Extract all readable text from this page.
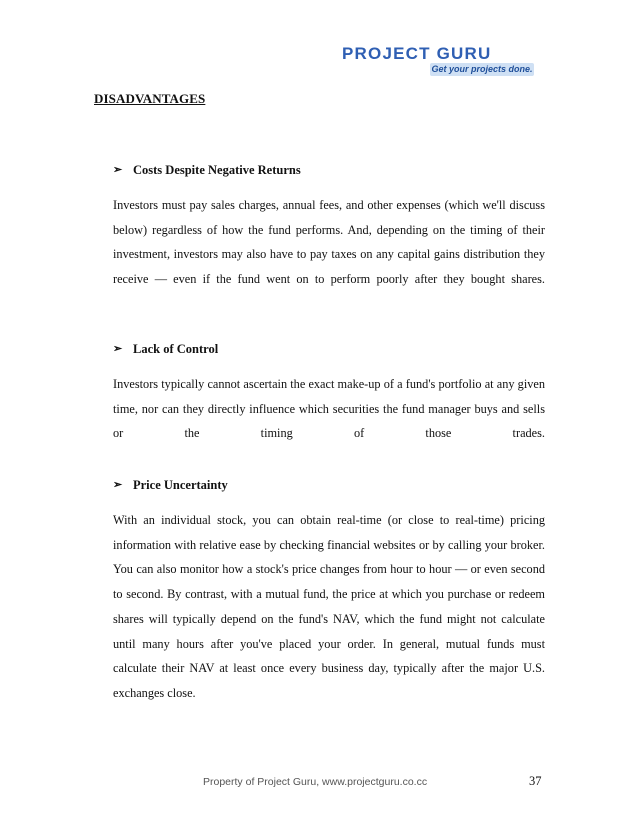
PROJECT GURU
Get your projects done.
DISADVANTAGES
➢ Costs Despite Negative Returns
Investors must pay sales charges, annual fees, and other expenses (which we'll discuss below) regardless of how the fund performs. And, depending on the timing of their investment, investors may also have to pay taxes on any capital gains distribution they receive — even if the fund went on to perform poorly after they bought shares.
➢ Lack of Control
Investors typically cannot ascertain the exact make-up of a fund's portfolio at any given time, nor can they directly influence which securities the fund manager buys and sells or the timing of those trades.
➢ Price Uncertainty
With an individual stock, you can obtain real-time (or close to real-time) pricing information with relative ease by checking financial websites or by calling your broker. You can also monitor how a stock's price changes from hour to hour — or even second to second. By contrast, with a mutual fund, the price at which you purchase or redeem shares will typically depend on the fund's NAV, which the fund might not calculate until many hours after you've placed your order. In general, mutual funds must calculate their NAV at least once every business day, typically after the major U.S. exchanges close.
Property of Project Guru, www.projectguru.co.cc	37
